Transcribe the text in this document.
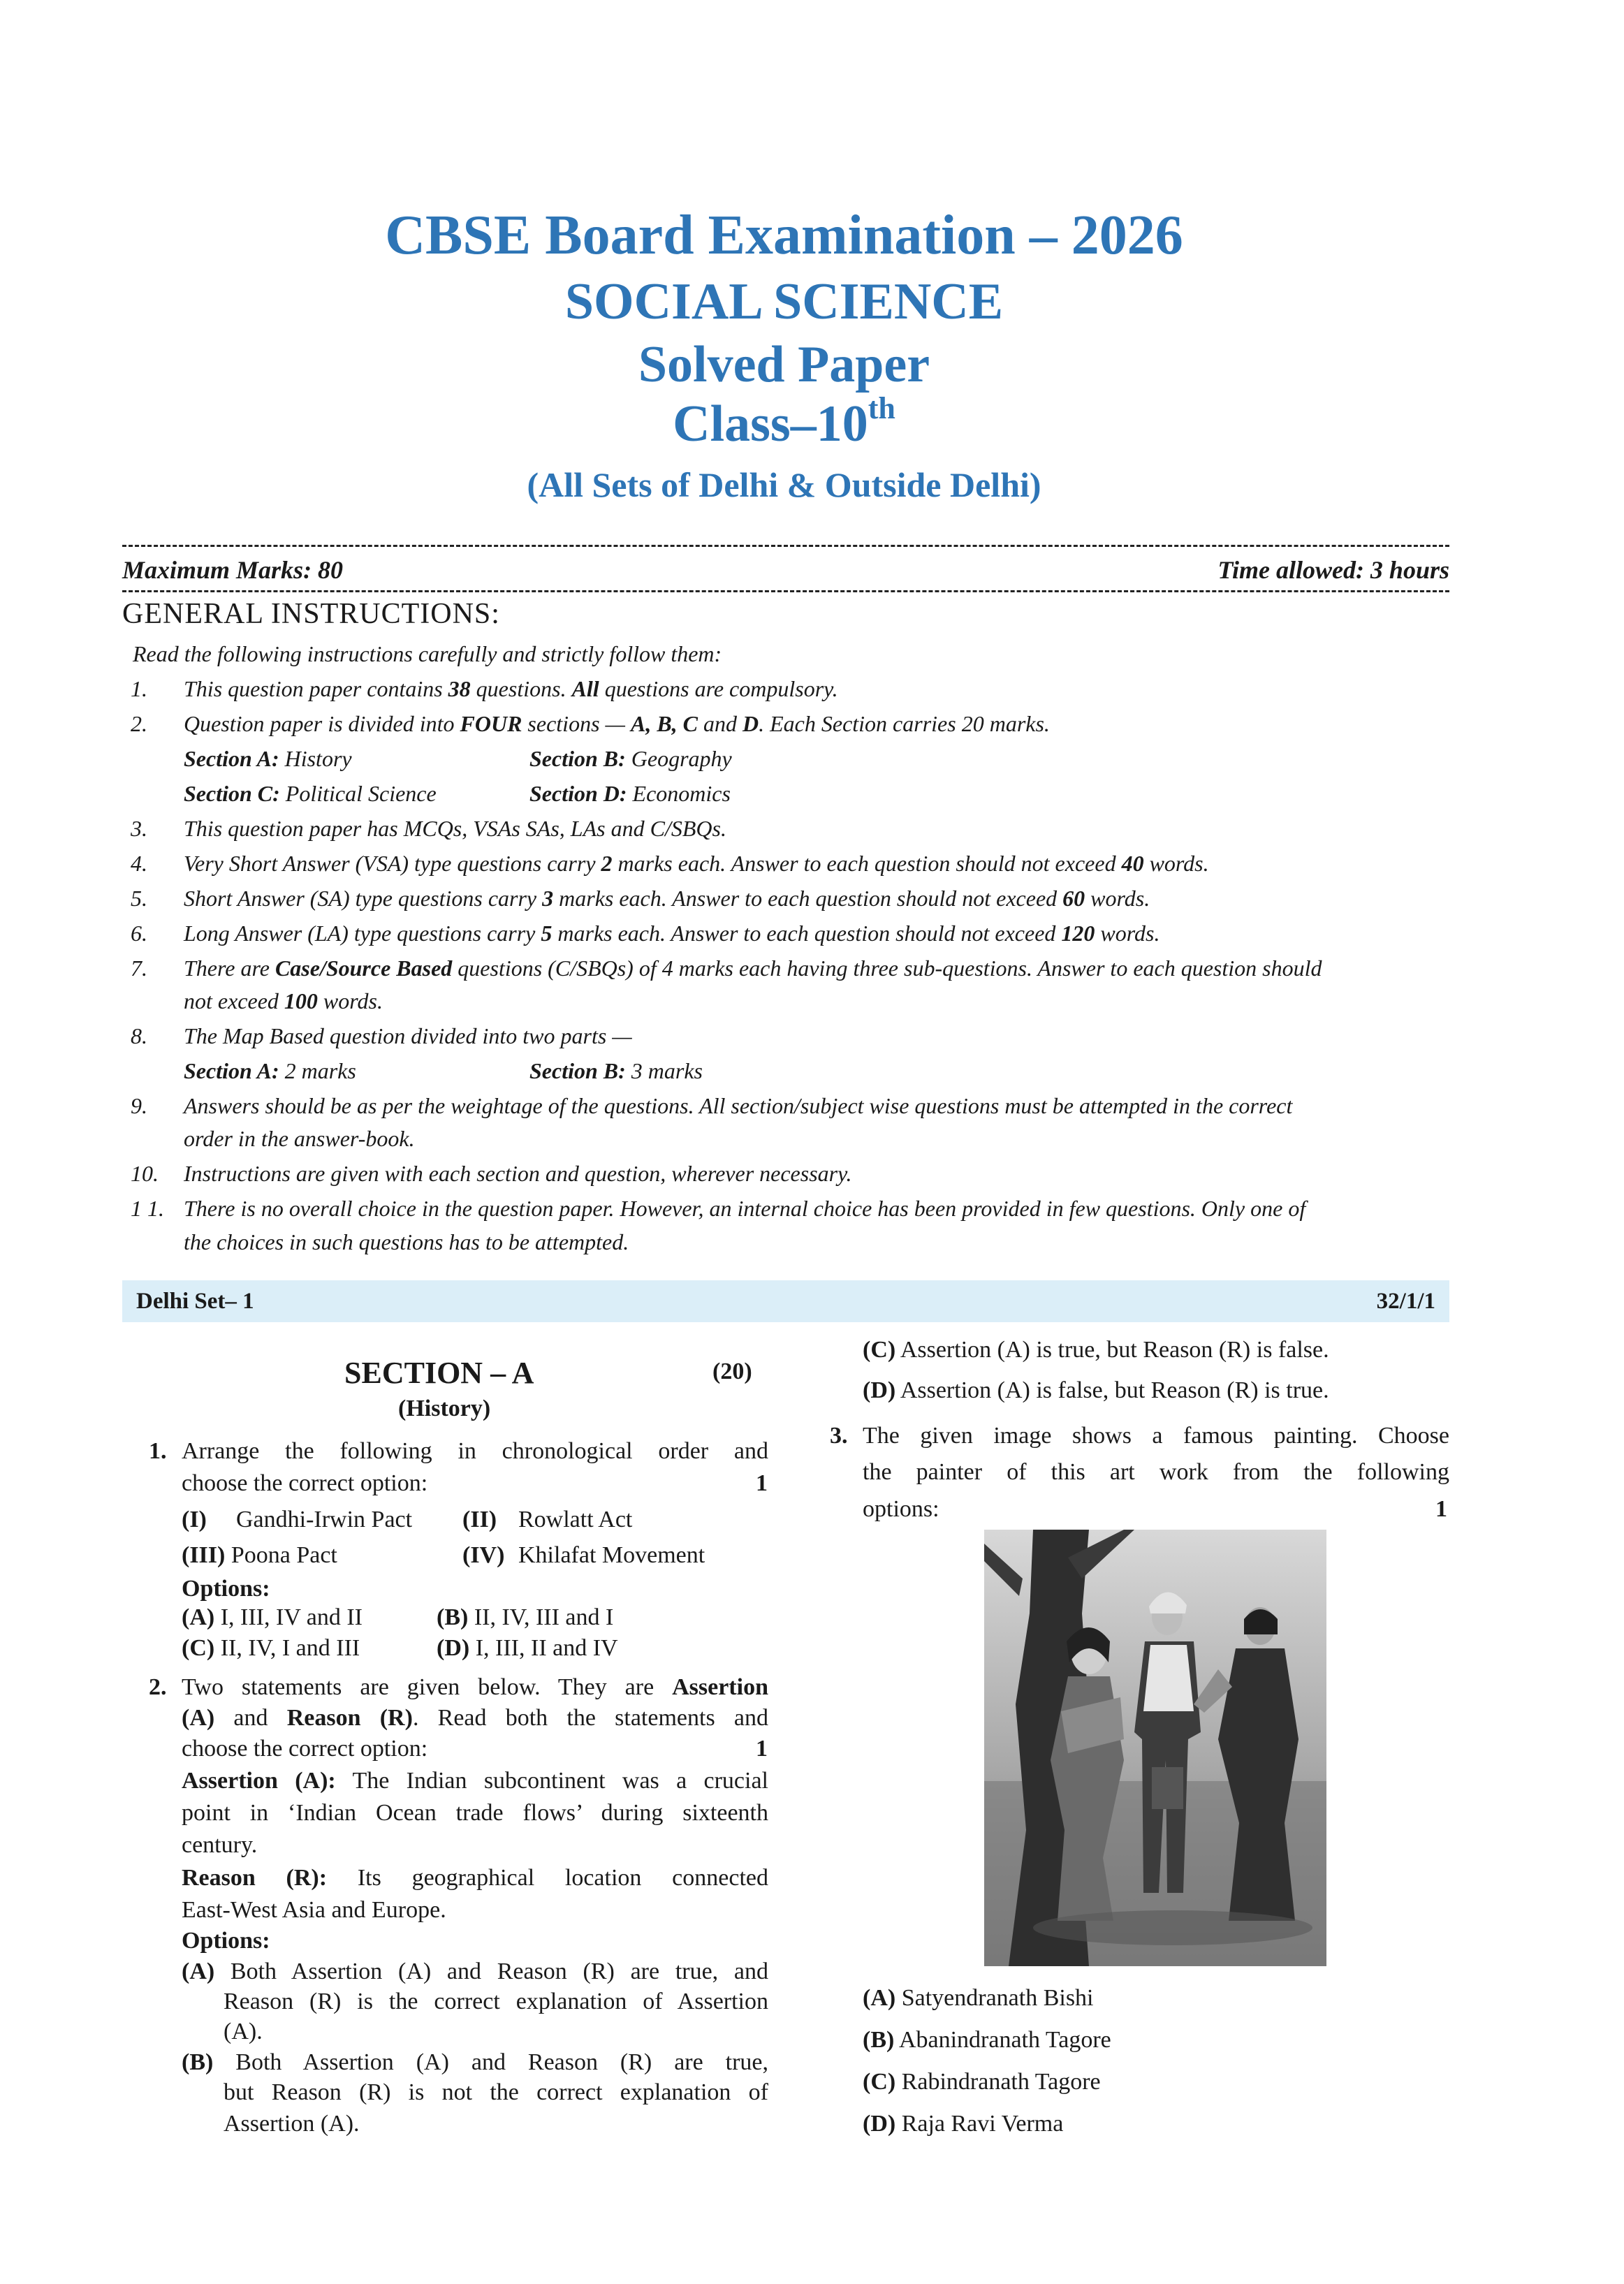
CBSE Board Examination – 2026
SOCIAL SCIENCE
Solved Paper
Class–10th
(All Sets of Delhi & Outside Delhi)
Maximum Marks: 80	Time allowed: 3 hours
GENERAL INSTRUCTIONS:
Read the following instructions carefully and strictly follow them:
1. This question paper contains 38 questions. All questions are compulsory.
2. Question paper is divided into FOUR sections — A, B, C and D. Each Section carries 20 marks.
Section A: History	Section B: Geography
Section C: Political Science	Section D: Economics
3. This question paper has MCQs, VSAs SAs, LAs and C/SBQs.
4. Very Short Answer (VSA) type questions carry 2 marks each. Answer to each question should not exceed 40 words.
5. Short Answer (SA) type questions carry 3 marks each. Answer to each question should not exceed 60 words.
6. Long Answer (LA) type questions carry 5 marks each. Answer to each question should not exceed 120 words.
7. There are Case/Source Based questions (C/SBQs) of 4 marks each having three sub-questions. Answer to each question should
not exceed 100 words.
8. The Map Based question divided into two parts —
Section A: 2 marks	Section B: 3 marks
9. Answers should be as per the weightage of the questions. All section/subject wise questions must be attempted in the correct
order in the answer-book.
10. Instructions are given with each section and question, wherever necessary.
1 1. There is no overall choice in the question paper. However, an internal choice has been provided in few questions. Only one of
the choices in such questions has to be attempted.
Delhi Set– 1	32/1/1
SECTION – A	(20)
(History)
1. Arrange the following in chronological order and
choose the correct option:	1
(I) Gandhi-Irwin Pact (II) Rowlatt Act
(III) Poona Pact	(IV) Khilafat Movement
Options:
(A) I, III, IV and II	(B) II, IV, III and I
(C) II, IV, I and III	(D) I, III, II and IV
2. Two statements are given below. They are Assertion
(A) and Reason (R). Read both the statements and
choose the correct option:	1
Assertion (A): The Indian subcontinent was a crucial
point in ‘Indian Ocean trade flows’ during sixteenth
century.
Reason (R): Its geographical location connected
East-West Asia and Europe.
Options:
(A) Both Assertion (A) and Reason (R) are true, and
Reason (R) is the correct explanation of Assertion
(A).
(B) Both Assertion (A) and Reason (R) are true,
but Reason (R) is not the correct explanation of
Assertion (A).
(C) Assertion (A) is true, but Reason (R) is false.
(D) Assertion (A) is false, but Reason (R) is true.
3. The given image shows a famous painting. Choose
the painter of this art work from the following
options:	1
(A) Satyendranath Bishi
(B) Abanindranath Tagore
(C) Rabindranath Tagore
(D) Raja Ravi Verma
